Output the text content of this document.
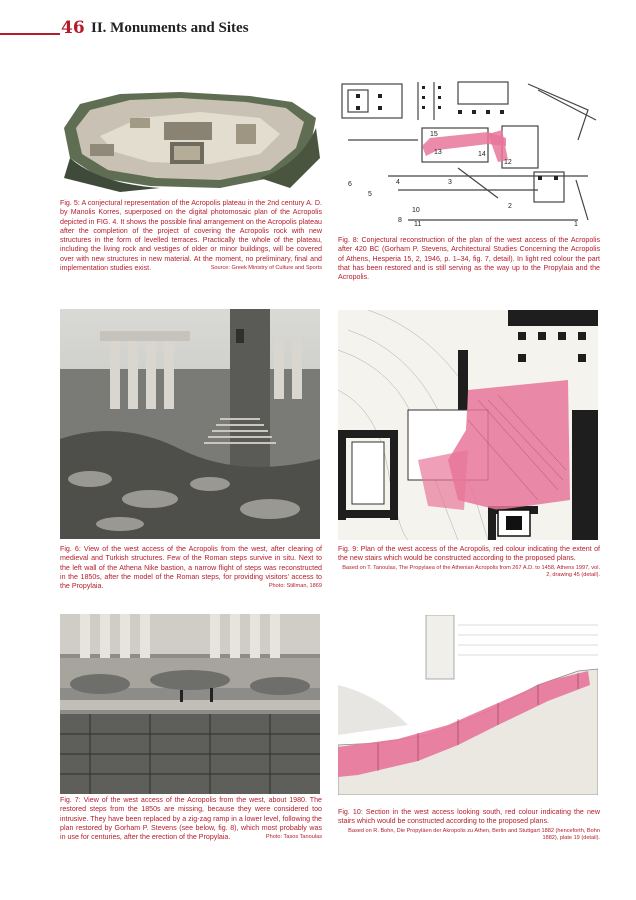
46 II. Monuments and Sites
Fig. 5: A conjectural representation of the Acropolis plateau in the 2nd century A. D. by Manolis Korres, superposed on the digital photomosaic plan of the Acropolis depicted in FIG. 4. It shows the possible final arrangement on the Acropolis plateau after the completion of the project of covering the Acropolis rock with new structures in the form of levelled terraces. Practically the whole of the plateau, including the living rock and vestiges of older or minor buildings, will be covered over with new structures in new material. At the moment, no preliminary, final and implementation studies exist.	Source: Greek Ministry of Culture and Sports
15
13	14
12
6	4
5
3
2
10
8
11	1
Fig. 8: Conjectural reconstruction of the plan of the west access of the Acropolis after 420 BC (Gorham P. Stevens, Architectural Studies Concerning the Acropolis of Athens, Hesperia 15, 2, 1946, p. 1–34, fig. 7, detail). In light red colour the part that has been restored and is still serving as the way up to the Propylaia and the Acropolis.
Fig. 6: View of the west access of the Acropolis from the west, after clearing of medieval and Turkish structures. Few of the Roman steps survive in situ. Next to the left wall of the Athena Nike bastion, a narrow flight of steps was reconstructed in the 1850s, after the model of the Roman steps, for providing visitors’ access to the Propylaia.	Photo: Stillman, 1869
Fig. 9: Plan of the west access of the Acropolis, red colour indicating the extent of the new stairs which would be constructed according to the proposed plans.
Based on T. Tanoulas, The Propylaea of the Athenian Acropolis from 267 A.D. to 1458, Athens 1997, vol. 2, drawing 45 (detail).
Fig. 7: View of the west access of the Acropolis from the west, about 1980. The restored steps from the 1850s are missing, because they were considered too intrusive. They have been replaced by a zig-zag ramp in a lower level, following the plan restored by Gorham P. Stevens (see below, fig. 8), which most probably was in use for centuries, after the erection of the Propylaia.	Photo: Tasos Tanoulas
Fig. 10: Section in the west access looking south, red colour indicating the new stairs which would be constructed according to the proposed plans.
Based on R. Bohn, Die Propyläen der Akropolis zu Athen, Berlin and Stuttgart 1882 (henceforth, Bohn 1882), plate 19 (detail).
